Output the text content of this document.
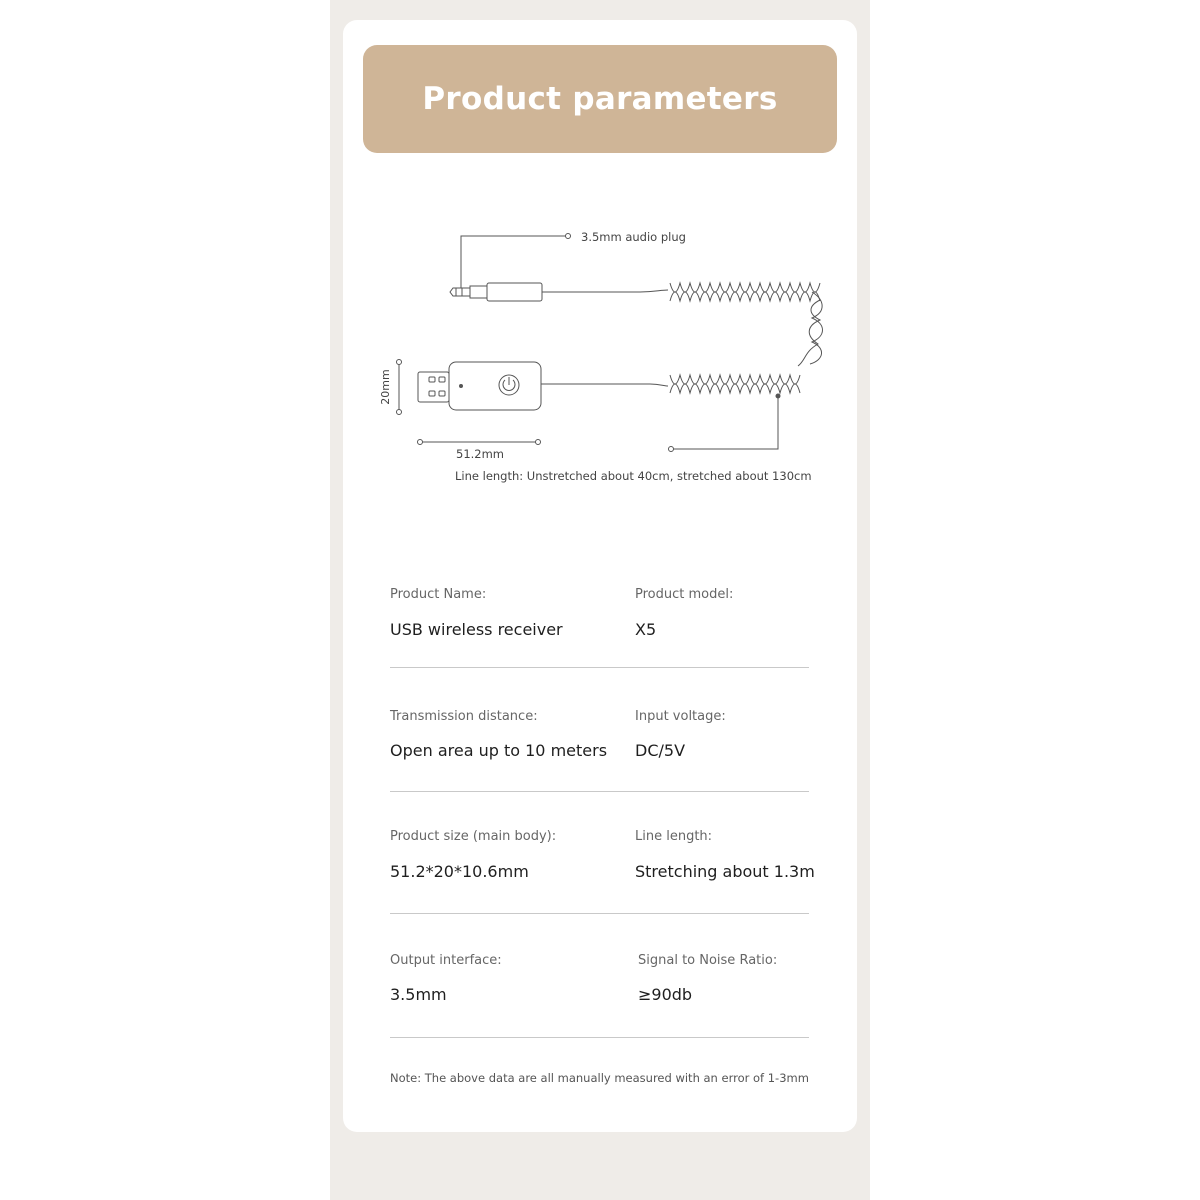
Product parameters
3.5mm audio plug
20mm
51.2mm
Line length: Unstretched about 40cm, stretched about 130cm
Product Name:
USB wireless receiver
Product model:
X5
Transmission distance:
Open area up to 10 meters
Input voltage:
DC/5V
Product size (main body):
51.2*20*10.6mm
Line length:
Stretching about 1.3m
Output interface:
3.5mm
Signal to Noise Ratio:
≥90db
Note: The above data are all manually measured with an error of 1-3mm
